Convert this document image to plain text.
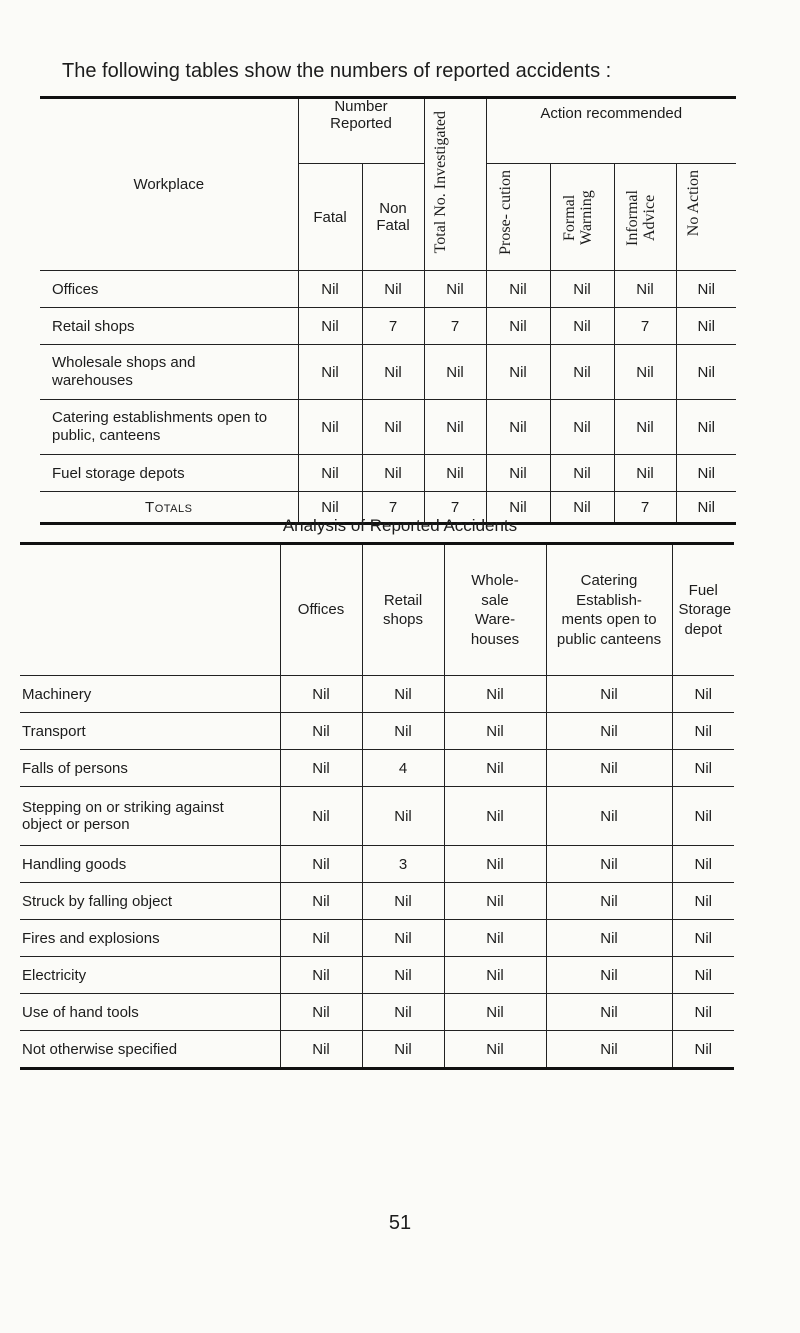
The following tables show the numbers of reported accidents :

Workplace	Number Reported		Total No. Investigated	Action recommended			
	Fatal	Non Fatal		Prose- cution	Formal Warning	Informal Advice	No Action
Offices	Nil	Nil	Nil	Nil	Nil	Nil	Nil
Retail shops	Nil	7	7	Nil	Nil	7	Nil
Wholesale shops and warehouses	Nil	Nil	Nil	Nil	Nil	Nil	Nil
Catering establishments open to public, canteens	Nil	Nil	Nil	Nil	Nil	Nil	Nil
Fuel storage depots	Nil	Nil	Nil	Nil	Nil	Nil	Nil
Totals	Nil	7	7	Nil	Nil	7	Nil
Analysis of Reported Accidents

	Offices	Retail shops	Whole- sale Ware- houses	Catering Establish- ments open to public canteens	Fuel Storage depot
Machinery	Nil	Nil	Nil	Nil	Nil
Transport	Nil	Nil	Nil	Nil	Nil
Falls of persons	Nil	4	Nil	Nil	Nil
Stepping on or striking against object or person	Nil	Nil	Nil	Nil	Nil
Handling goods	Nil	3	Nil	Nil	Nil
Struck by falling object	Nil	Nil	Nil	Nil	Nil
Fires and explosions	Nil	Nil	Nil	Nil	Nil
Electricity	Nil	Nil	Nil	Nil	Nil
Use of hand tools	Nil	Nil	Nil	Nil	Nil
Not otherwise specified	Nil	Nil	Nil	Nil	Nil
51
